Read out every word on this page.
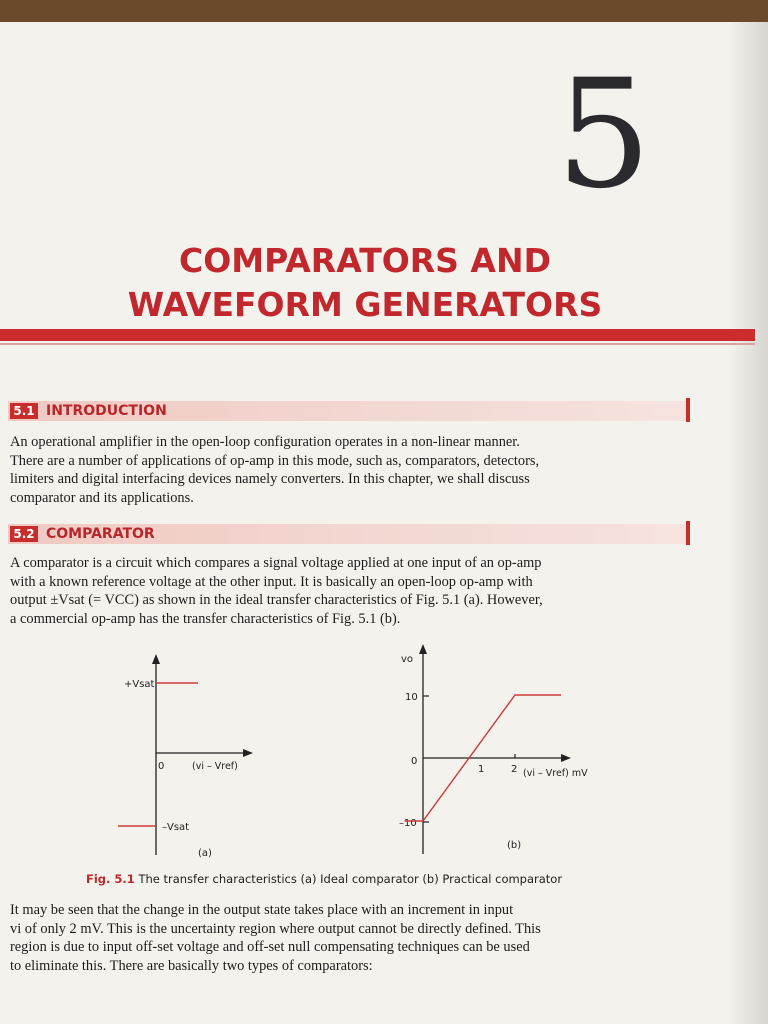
5
COMPARATORS AND
WAVEFORM GENERATORS
5.1 INTRODUCTION
An operational amplifier in the open-loop configuration operates in a non-linear manner.
There are a number of applications of op-amp in this mode, such as, comparators, detectors,
limiters and digital interfacing devices namely converters. In this chapter, we shall discuss
comparator and its applications.
5.2 COMPARATOR
A comparator is a circuit which compares a signal voltage applied at one input of an op-amp
with a known reference voltage at the other input. It is basically an open-loop op-amp with
output ±Vsat (= VCC) as shown in the ideal transfer characteristics of Fig. 5.1 (a). However,
a commercial op-amp has the transfer characteristics of Fig. 5.1 (b).
+Vsat
–Vsat
0	(vi – Vref)
(a)
vo
10
0
–10
1	2 (vi – Vref) mV
(b)
Fig. 5.1 The transfer characteristics (a) Ideal comparator (b) Practical comparator
It may be seen that the change in the output state takes place with an increment in input
vi of only 2 mV. This is the uncertainty region where output cannot be directly defined. This
region is due to input off-set voltage and off-set null compensating techniques can be used
to eliminate this. There are basically two types of comparators:
